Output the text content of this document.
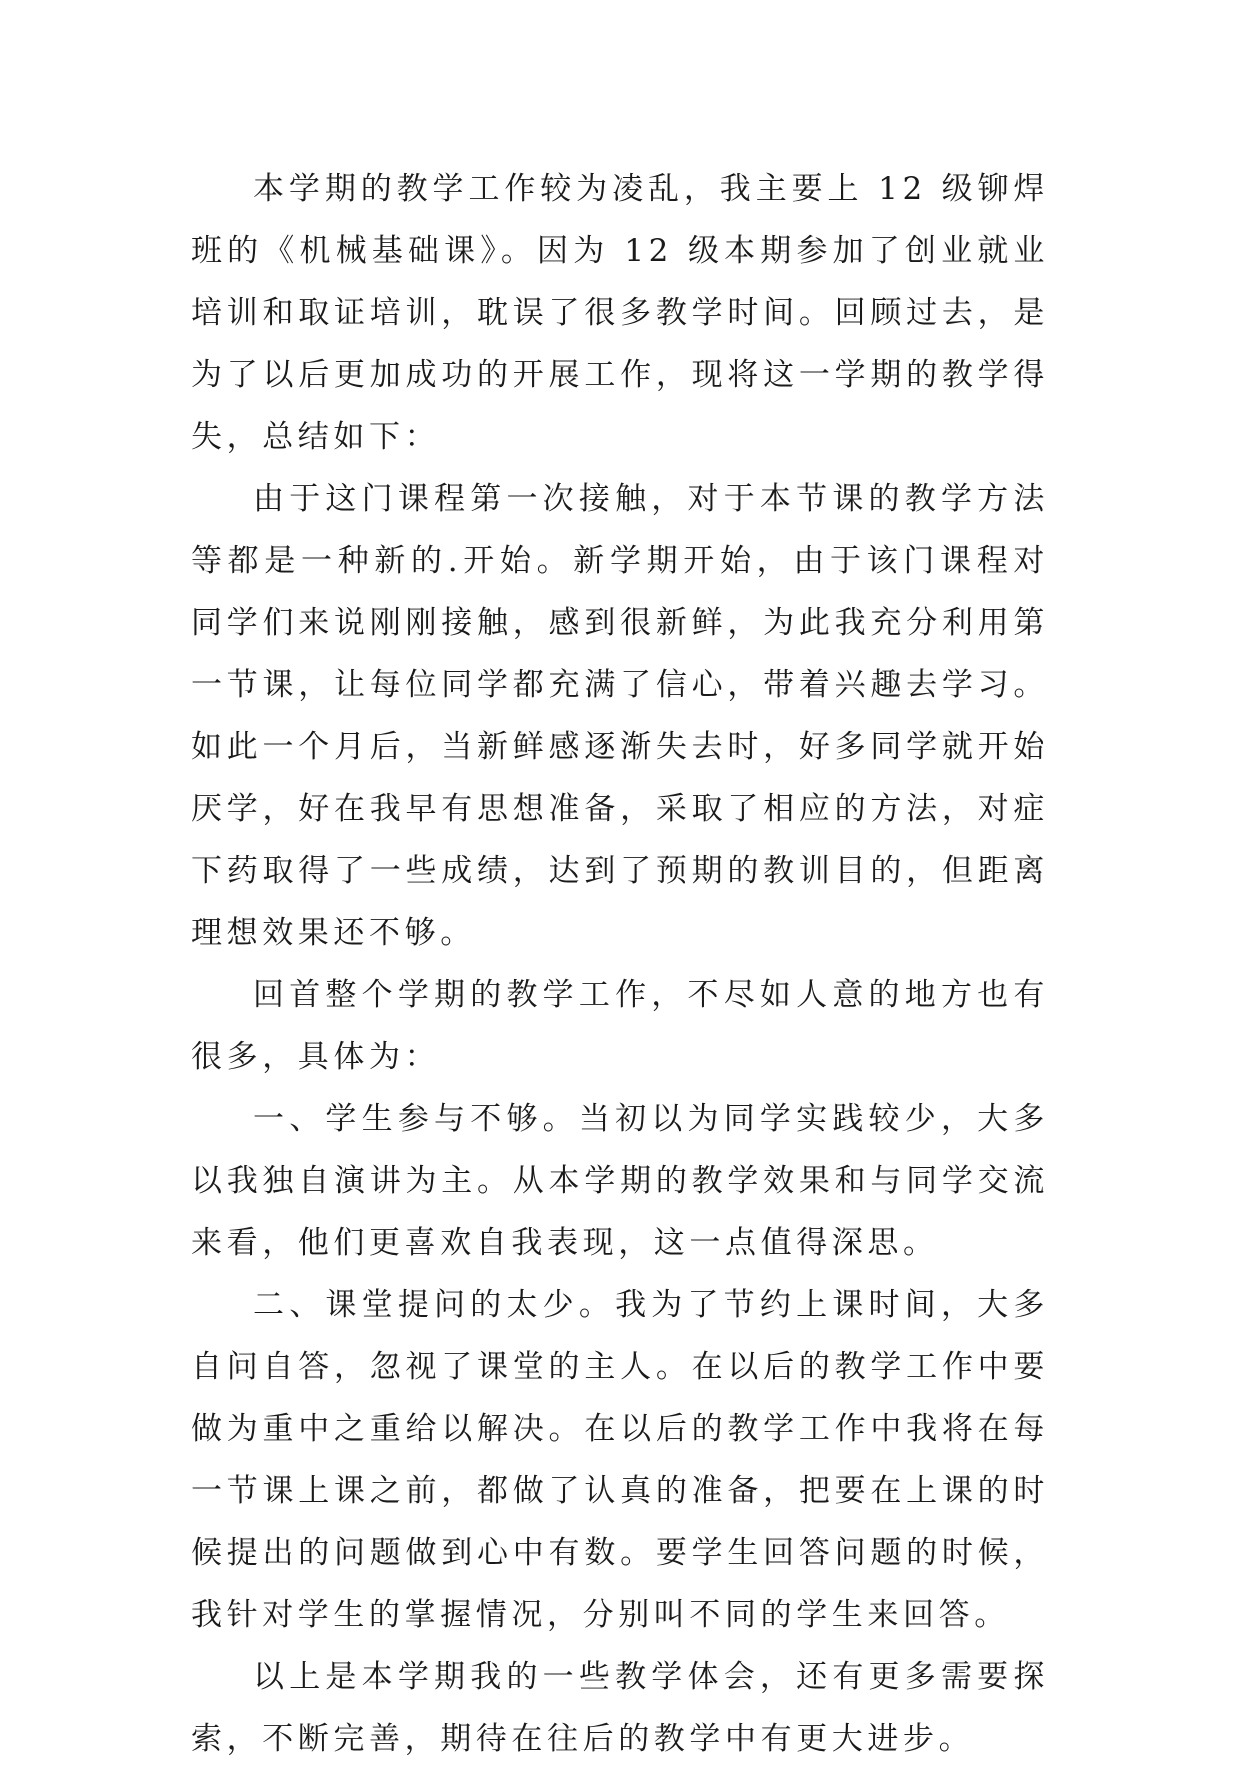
本学期的教学工作较为凌乱，我主要上 12 级铆焊班的《机械基础课》。因为 12 级本期参加了创业就业培训和取证培训，耽误了很多教学时间。回顾过去，是为了以后更加成功的开展工作，现将这一学期的教学得失，总结如下：

由于这门课程第一次接触，对于本节课的教学方法等都是一种新的.开始。新学期开始，由于该门课程对同学们来说刚刚接触，感到很新鲜，为此我充分利用第一节课，让每位同学都充满了信心，带着兴趣去学习。如此一个月后，当新鲜感逐渐失去时，好多同学就开始厌学，好在我早有思想准备，采取了相应的方法，对症下药取得了一些成绩，达到了预期的教训目的，但距离理想效果还不够。

回首整个学期的教学工作，不尽如人意的地方也有很多，具体为：

一、学生参与不够。当初以为同学实践较少，大多以我独自演讲为主。从本学期的教学效果和与同学交流来看，他们更喜欢自我表现，这一点值得深思。

二、课堂提问的太少。我为了节约上课时间，大多自问自答，忽视了课堂的主人。在以后的教学工作中要做为重中之重给以解决。在以后的教学工作中我将在每一节课上课之前，都做了认真的准备，把要在上课的时候提出的问题做到心中有数。要学生回答问题的时候，我针对学生的掌握情况，分别叫不同的学生来回答。

以上是本学期我的一些教学体会，还有更多需要探索，不断完善，期待在往后的教学中有更大进步。
